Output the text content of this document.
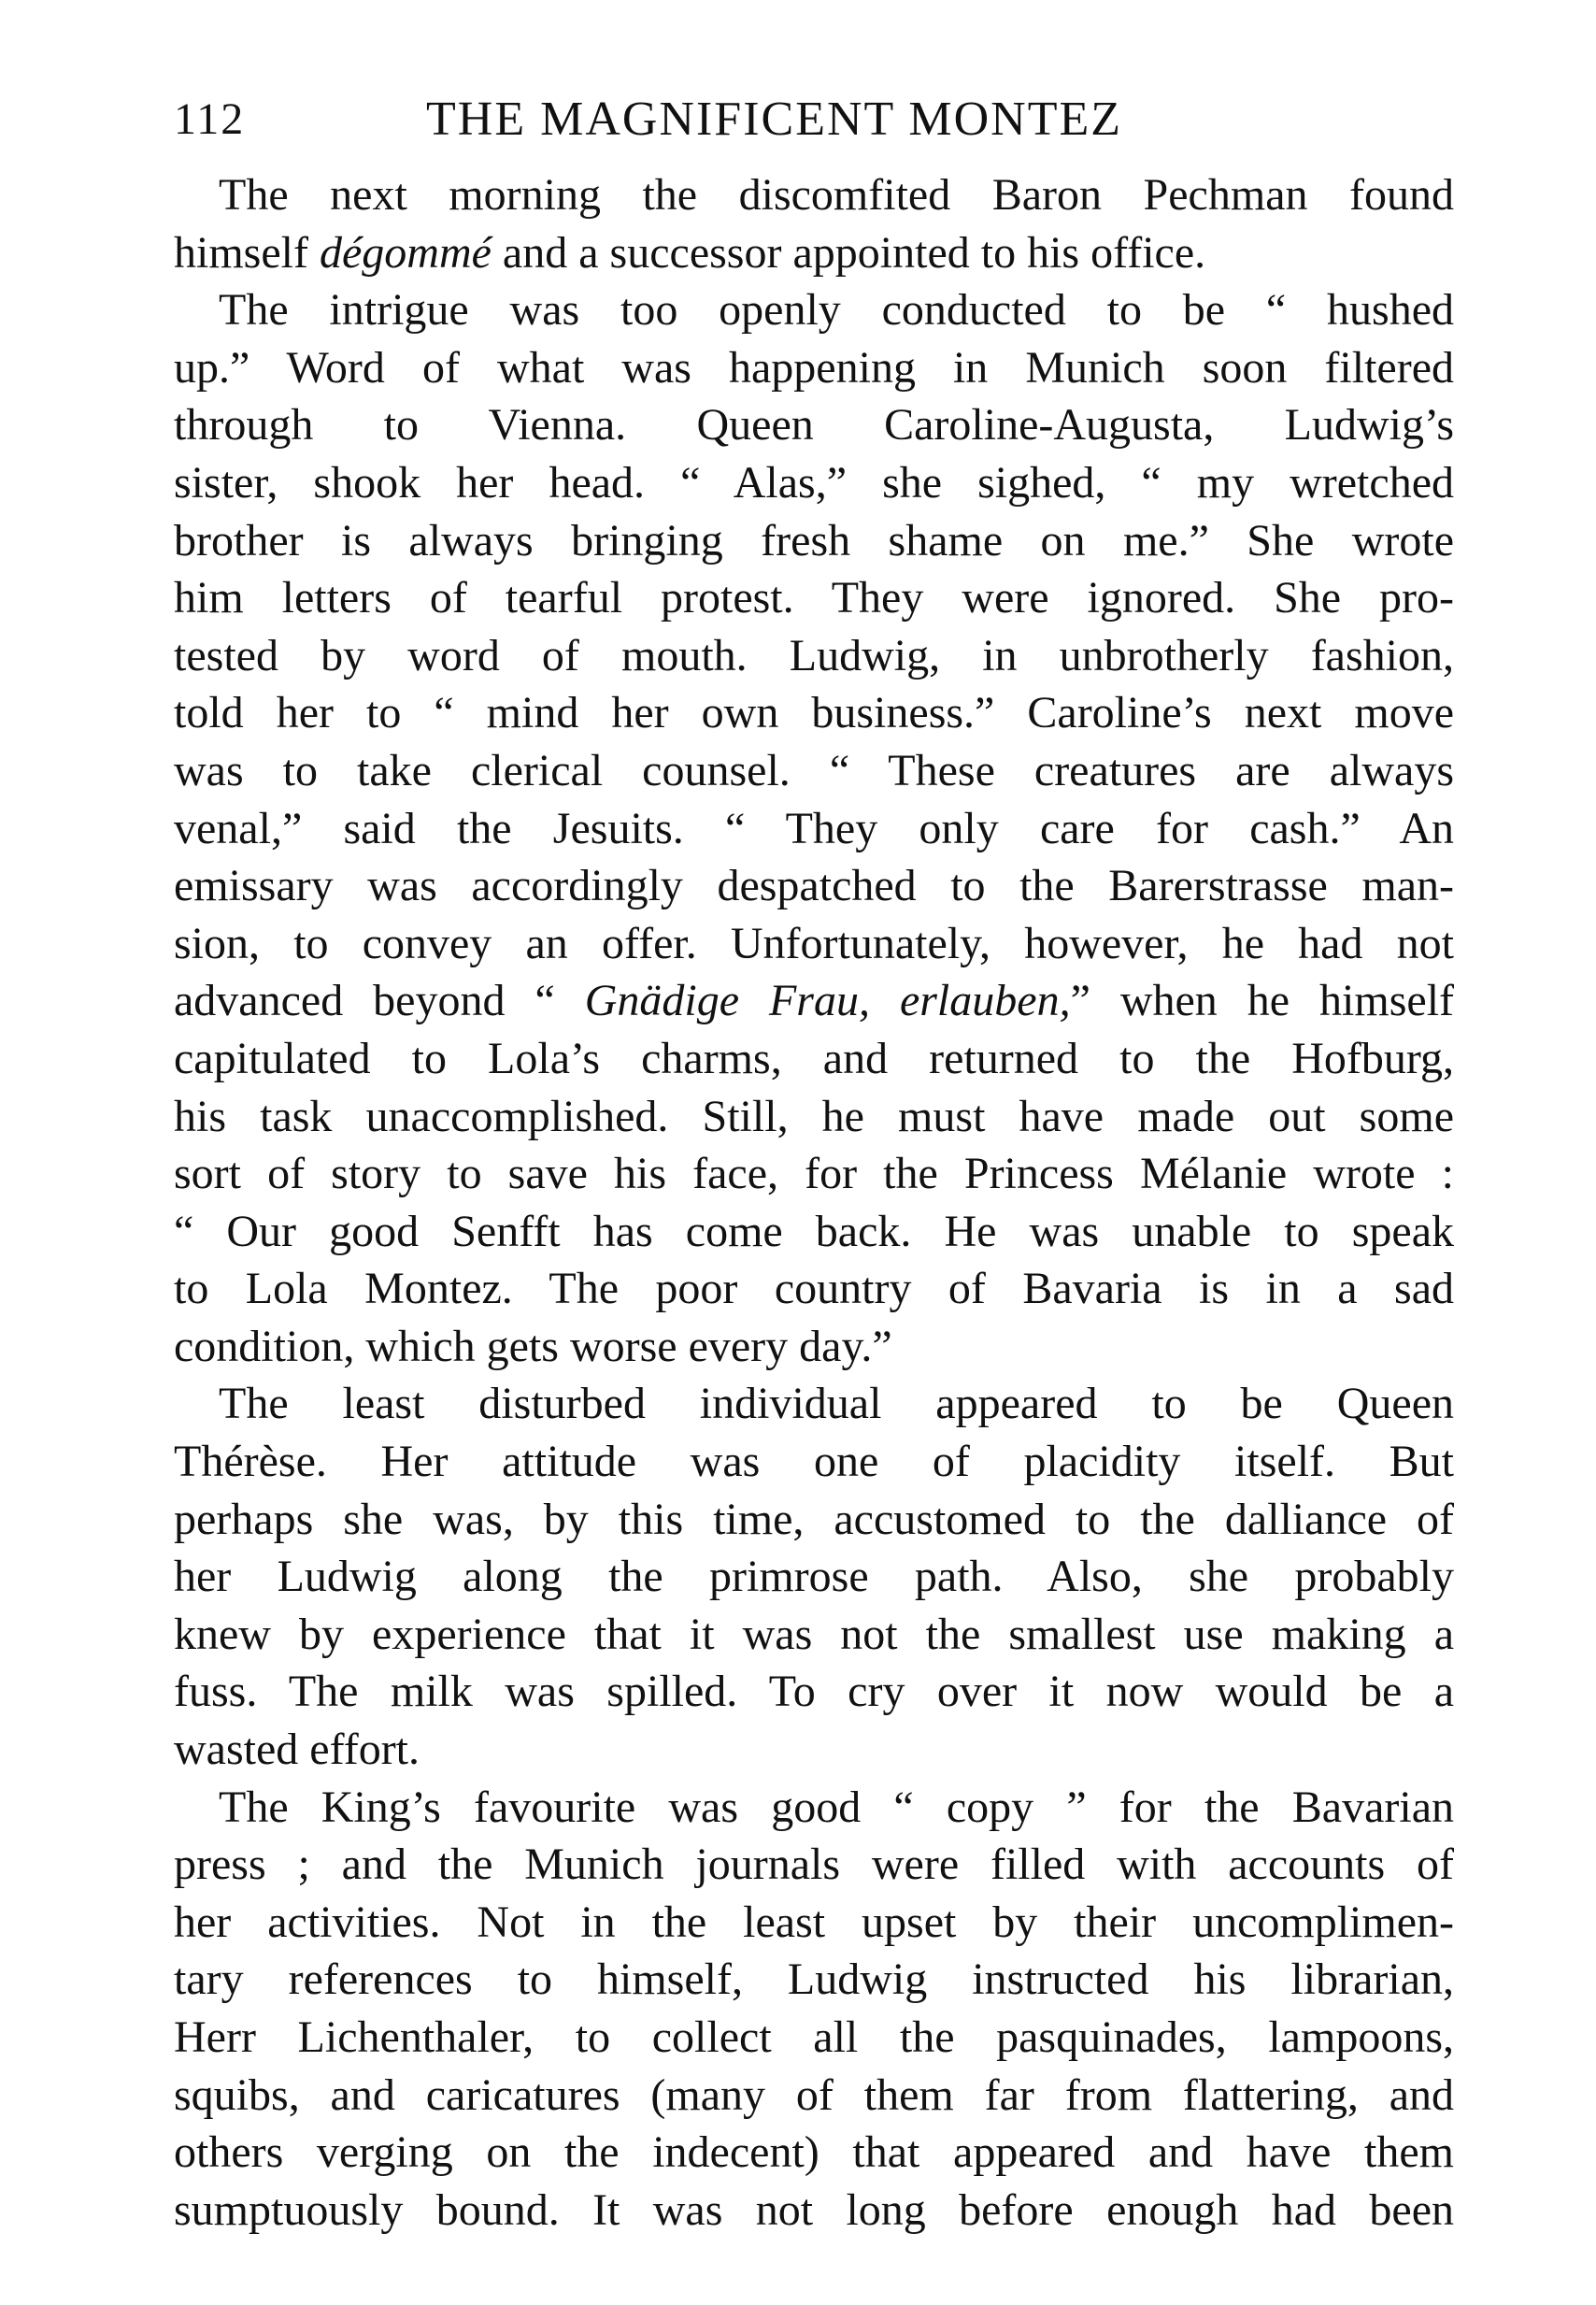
112	THE MAGNIFICENT MONTEZ
The next morning the discomfited Baron Pechman found
himself dégommé and a successor appointed to his office.
The intrigue was too openly conducted to be “ hushed
up.” Word of what was happening in Munich soon filtered
through to Vienna. Queen Caroline-Augusta, Ludwig’s
sister, shook her head. “ Alas,” she sighed, “ my wretched
brother is always bringing fresh shame on me.” She wrote
him letters of tearful protest. They were ignored. She pro-
tested by word of mouth. Ludwig, in unbrotherly fashion,
told her to “ mind her own business.” Caroline’s next move
was to take clerical counsel. “ These creatures are always
venal,” said the Jesuits. “ They only care for cash.” An
emissary was accordingly despatched to the Barerstrasse man-
sion, to convey an offer. Unfortunately, however, he had not
advanced beyond “ Gnädige Frau, erlauben,” when he himself
capitulated to Lola’s charms, and returned to the Hofburg,
his task unaccomplished. Still, he must have made out some
sort of story to save his face, for the Princess Mélanie wrote :
“ Our good Senfft has come back. He was unable to speak
to Lola Montez. The poor country of Bavaria is in a sad
condition, which gets worse every day.”
The least disturbed individual appeared to be Queen
Thérèse. Her attitude was one of placidity itself. But
perhaps she was, by this time, accustomed to the dalliance of
her Ludwig along the primrose path. Also, she probably
knew by experience that it was not the smallest use making a
fuss. The milk was spilled. To cry over it now would be a
wasted effort.
The King’s favourite was good “ copy ” for the Bavarian
press ; and the Munich journals were filled with accounts of
her activities. Not in the least upset by their uncomplimen-
tary references to himself, Ludwig instructed his librarian,
Herr Lichenthaler, to collect all the pasquinades, lampoons,
squibs, and caricatures (many of them far from flattering, and
others verging on the indecent) that appeared and have them
sumptuously bound. It was not long before enough had been
